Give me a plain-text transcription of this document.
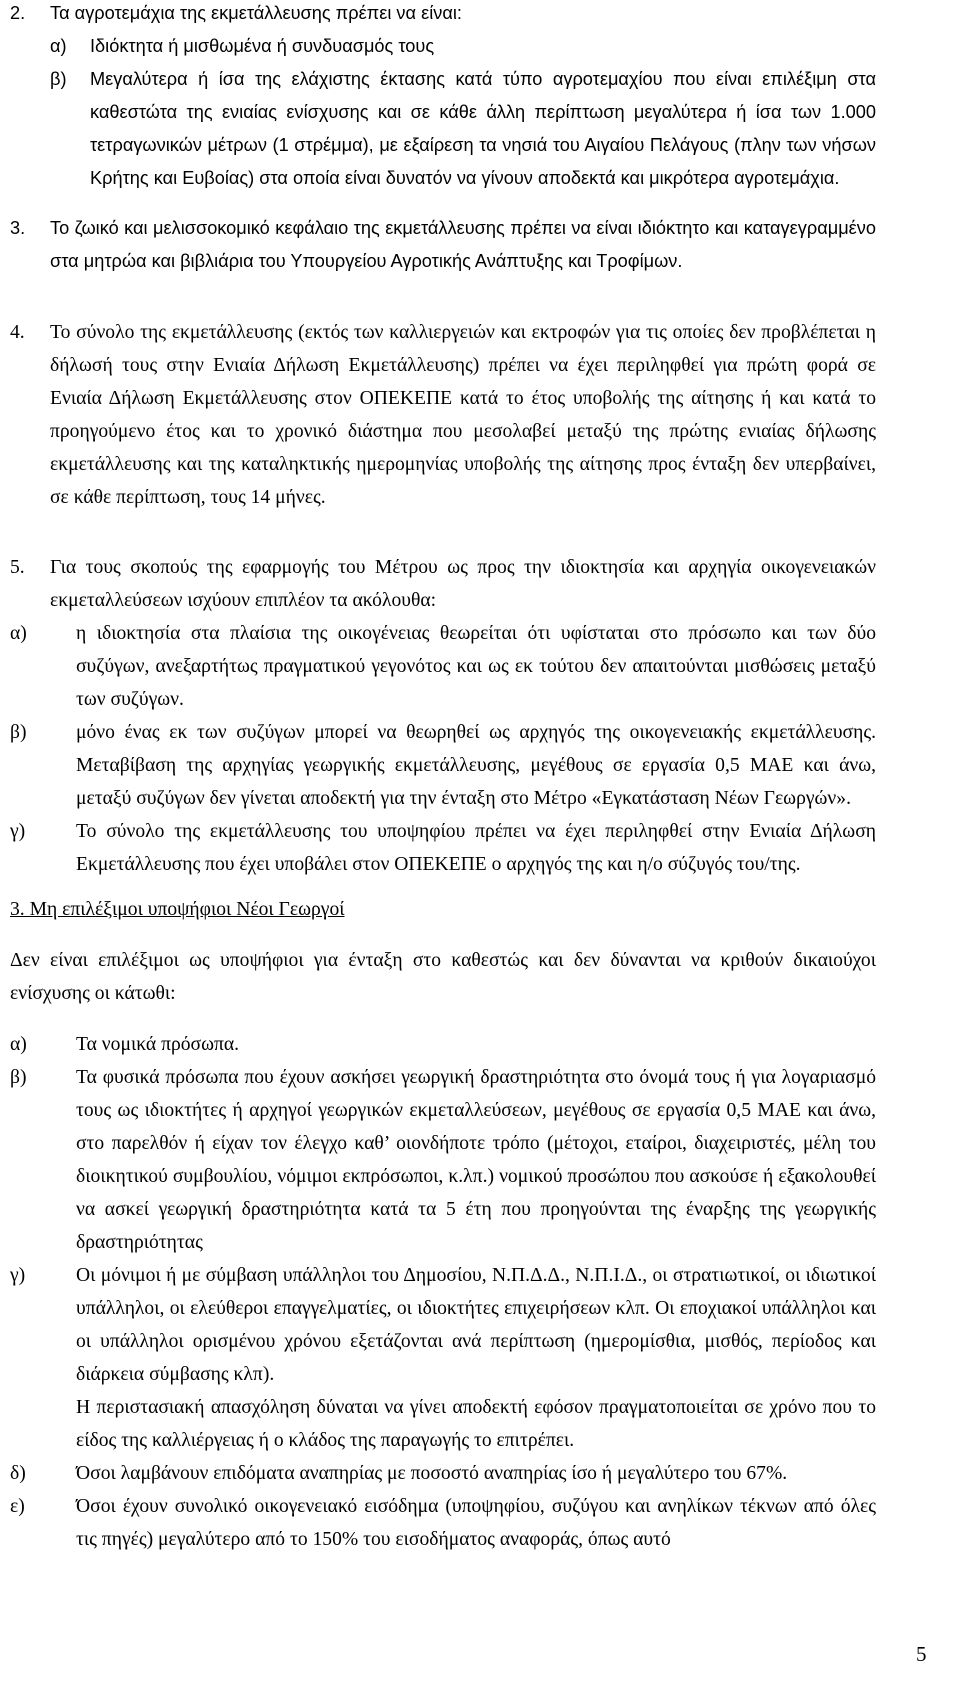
2. Τα αγροτεμάχια της εκμετάλλευσης πρέπει να είναι:
α) Ιδιόκτητα ή μισθωμένα ή συνδυασμός τους
β) Μεγαλύτερα ή ίσα της ελάχιστης έκτασης κατά τύπο αγροτεμαχίου που είναι επιλέξιμη στα καθεστώτα της ενιαίας ενίσχυσης και σε κάθε άλλη περίπτωση μεγαλύτερα ή ίσα των 1.000 τετραγωνικών μέτρων (1 στρέμμα), με εξαίρεση τα νησιά του Αιγαίου Πελάγους (πλην των νήσων Κρήτης και Ευβοίας) στα οποία είναι δυνατόν να γίνουν αποδεκτά και μικρότερα αγροτεμάχια.
3. Το ζωικό και μελισσοκομικό κεφάλαιο της εκμετάλλευσης πρέπει να είναι ιδιόκτητο και καταγεγραμμένο στα μητρώα και βιβλιάρια του Υπουργείου Αγροτικής Ανάπτυξης και Τροφίμων.
4. Το σύνολο της εκμετάλλευσης (εκτός των καλλιεργειών και εκτροφών για τις οποίες δεν προβλέπεται η δήλωσή τους στην Ενιαία Δήλωση Εκμετάλλευσης) πρέπει να έχει περιληφθεί για πρώτη φορά σε Ενιαία Δήλωση Εκμετάλλευσης στον ΟΠΕΚΕΠΕ κατά το έτος υποβολής της αίτησης ή και κατά το προηγούμενο έτος και το χρονικό διάστημα που μεσολαβεί μεταξύ της πρώτης ενιαίας δήλωσης εκμετάλλευσης και της καταληκτικής ημερομηνίας υποβολής της αίτησης προς ένταξη δεν υπερβαίνει, σε κάθε περίπτωση, τους 14 μήνες.
5. Για τους σκοπούς της εφαρμογής του Μέτρου ως προς την ιδιοκτησία και αρχηγία οικογενειακών εκμεταλλεύσεων ισχύουν επιπλέον τα ακόλουθα:
α)	η ιδιοκτησία στα πλαίσια της οικογένειας θεωρείται ότι υφίσταται στο πρόσωπο και των δύο συζύγων, ανεξαρτήτως πραγματικού γεγονότος και ως εκ τούτου δεν απαιτούνται μισθώσεις μεταξύ των συζύγων.
β)	μόνο ένας εκ των συζύγων μπορεί να θεωρηθεί ως αρχηγός της οικογενειακής εκμετάλλευσης. Μεταβίβαση της αρχηγίας γεωργικής εκμετάλλευσης, μεγέθους σε εργασία 0,5 ΜΑΕ και άνω, μεταξύ συζύγων δεν γίνεται αποδεκτή για την ένταξη στο Μέτρο «Εγκατάσταση Νέων Γεωργών».
γ)	Το σύνολο της εκμετάλλευσης του υποψηφίου πρέπει να έχει περιληφθεί στην Ενιαία Δήλωση Εκμετάλλευσης που έχει υποβάλει στον ΟΠΕΚΕΠΕ ο αρχηγός της και η/ο σύζυγός του/της.
3. Μη επιλέξιμοι υποψήφιοι Νέοι Γεωργοί
Δεν είναι επιλέξιμοι ως υποψήφιοι για ένταξη στο καθεστώς και δεν δύνανται να κριθούν δικαιούχοι ενίσχυσης οι κάτωθι:
α)	Τα νομικά πρόσωπα.
β)	Τα φυσικά πρόσωπα που έχουν ασκήσει γεωργική δραστηριότητα στο όνομά τους ή για λογαριασμό τους ως ιδιοκτήτες ή αρχηγοί γεωργικών εκμεταλλεύσεων, μεγέθους σε εργασία 0,5 ΜΑΕ και άνω, στο παρελθόν ή είχαν τον έλεγχο καθ’ οιονδήποτε τρόπο (μέτοχοι, εταίροι, διαχειριστές, μέλη του διοικητικού συμβουλίου, νόμιμοι εκπρόσωποι, κ.λπ.) νομικού προσώπου που ασκούσε ή εξακολουθεί να ασκεί γεωργική δραστηριότητα κατά τα 5 έτη που προηγούνται της έναρξης της γεωργικής δραστηριότητας
γ)	Οι μόνιμοι ή με σύμβαση υπάλληλοι του Δημοσίου, Ν.Π.Δ.Δ., Ν.Π.Ι.Δ., οι στρατιωτικοί, οι ιδιωτικοί υπάλληλοι, οι ελεύθεροι επαγγελματίες, οι ιδιοκτήτες επιχειρήσεων κλπ. Οι εποχιακοί υπάλληλοι και οι υπάλληλοι ορισμένου χρόνου εξετάζονται ανά περίπτωση (ημερομίσθια, μισθός, περίοδος και διάρκεια σύμβασης κλπ).
Η περιστασιακή απασχόληση δύναται να γίνει αποδεκτή εφόσον πραγματοποιείται σε χρόνο που το είδος της καλλιέργειας ή ο κλάδος της παραγωγής το επιτρέπει.
δ)	Όσοι λαμβάνουν επιδόματα αναπηρίας με ποσοστό αναπηρίας ίσο ή μεγαλύτερο του 67%.
ε)	Όσοι έχουν συνολικό οικογενειακό εισόδημα (υποψηφίου, συζύγου και ανηλίκων τέκνων από όλες τις πηγές) μεγαλύτερο από το 150% του εισοδήματος αναφοράς, όπως αυτό
5
